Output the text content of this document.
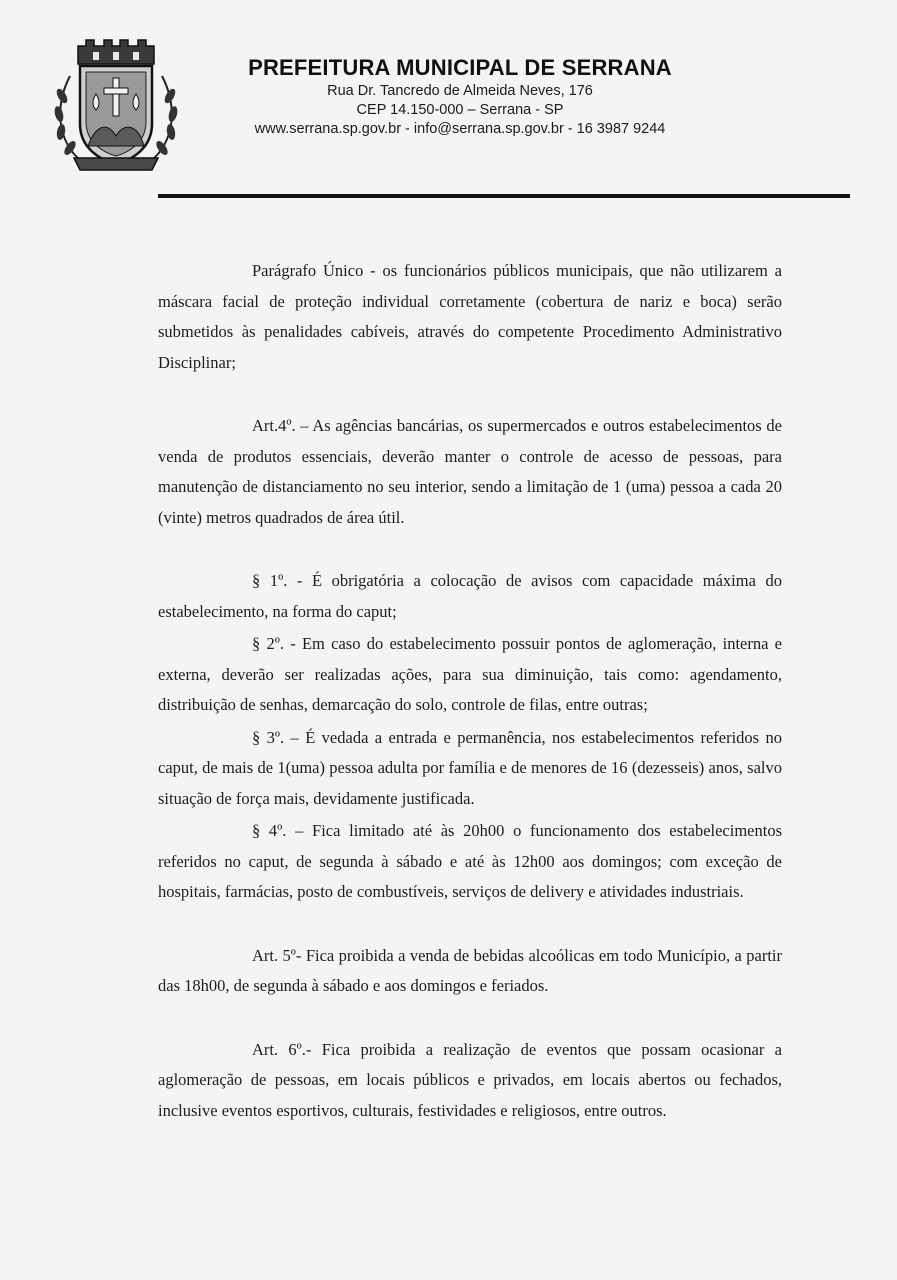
PREFEITURA MUNICIPAL DE SERRANA
Rua Dr. Tancredo de Almeida Neves, 176
CEP 14.150-000 – Serrana - SP
www.serrana.sp.gov.br - info@serrana.sp.gov.br - 16 3987 9244

Parágrafo Único - os funcionários públicos municipais, que não utilizarem a máscara facial de proteção individual corretamente (cobertura de nariz e boca) serão submetidos às penalidades cabíveis, através do competente Procedimento Administrativo Disciplinar;

Art.4º. – As agências bancárias, os supermercados e outros estabelecimentos de venda de produtos essenciais, deverão manter o controle de acesso de pessoas, para manutenção de distanciamento no seu interior, sendo a limitação de 1 (uma) pessoa a cada 20 (vinte) metros quadrados de área útil.

§ 1º. - É obrigatória a colocação de avisos com capacidade máxima do estabelecimento, na forma do caput;

§ 2º. - Em caso do estabelecimento possuir pontos de aglomeração, interna e externa, deverão ser realizadas ações, para sua diminuição, tais como: agendamento, distribuição de senhas, demarcação do solo, controle de filas, entre outras;

§ 3º. – É vedada a entrada e permanência, nos estabelecimentos referidos no caput, de mais de 1(uma) pessoa adulta por família e de menores de 16 (dezesseis) anos, salvo situação de força mais, devidamente justificada.

§ 4º. – Fica limitado até às 20h00 o funcionamento dos estabelecimentos referidos no caput, de segunda à sábado e até às 12h00 aos domingos; com exceção de hospitais, farmácias, posto de combustíveis, serviços de delivery e atividades industriais.

Art. 5º- Fica proibida a venda de bebidas alcoólicas em todo Município, a partir das 18h00, de segunda à sábado e aos domingos e feriados.

Art. 6º.- Fica proibida a realização de eventos que possam ocasionar a aglomeração de pessoas, em locais públicos e privados, em locais abertos ou fechados, inclusive eventos esportivos, culturais, festividades e religiosos, entre outros.
